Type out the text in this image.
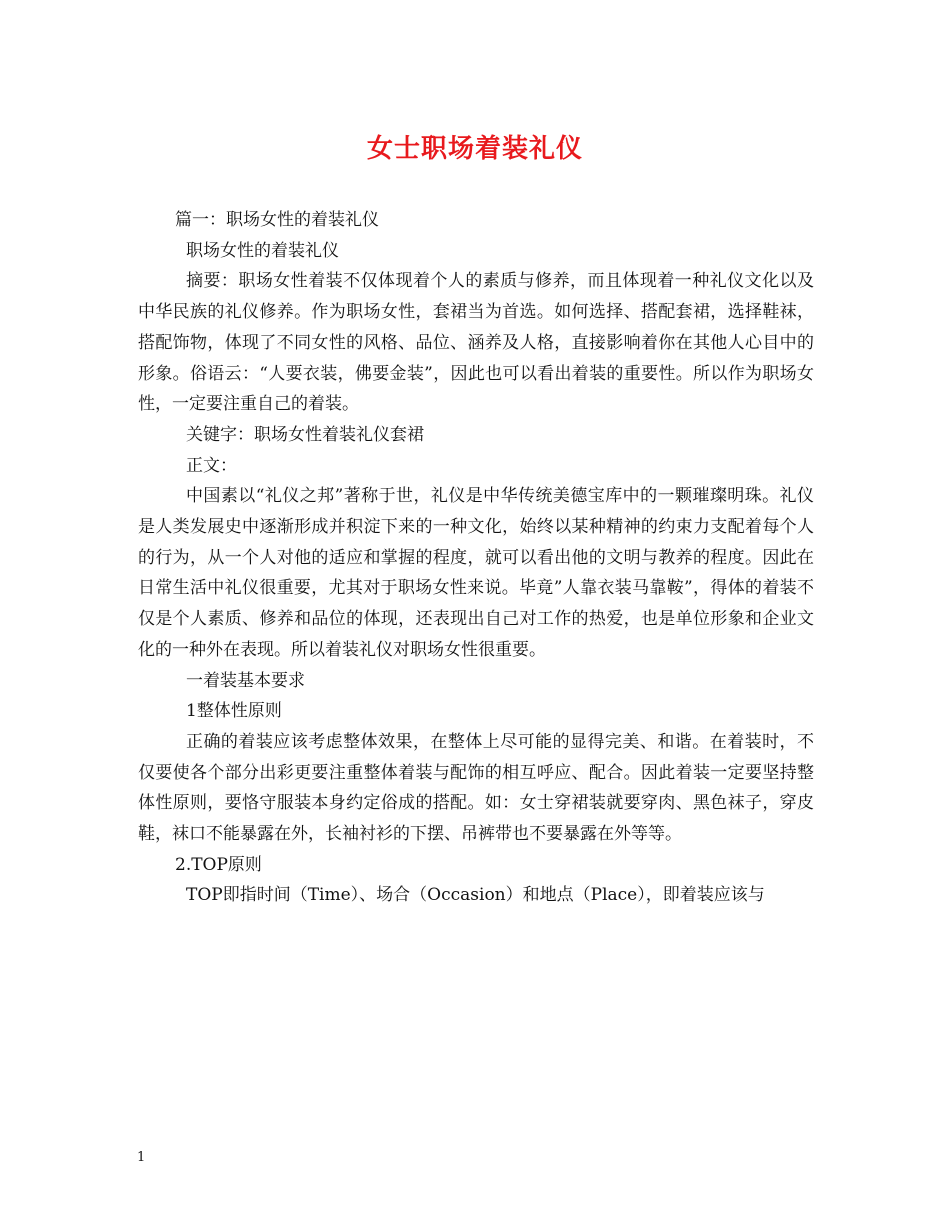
女士职场着装礼仪

篇一：职场女性的着装礼仪

职场女性的着装礼仪

摘要：职场女性着装不仅体现着个人的素质与修养，而且体现着一种礼仪文化以及中华民族的礼仪修养。作为职场女性，套裙当为首选。如何选择、搭配套裙，选择鞋袜，搭配饰物，体现了不同女性的风格、品位、涵养及人格，直接影响着你在其他人心目中的形象。俗语云：“人要衣装，佛要金装”，因此也可以看出着装的重要性。所以作为职场女性，一定要注重自己的着装。

关键字：职场女性着装礼仪套裙

正文：

中国素以“礼仪之邦”著称于世，礼仪是中华传统美德宝库中的一颗璀璨明珠。礼仪是人类发展史中逐渐形成并积淀下来的一种文化，始终以某种精神的约束力支配着每个人的行为，从一个人对他的适应和掌握的程度，就可以看出他的文明与教养的程度。因此在日常生活中礼仪很重要，尤其对于职场女性来说。毕竟”人靠衣装马靠鞍”，得体的着装不仅是个人素质、修养和品位的体现，还表现出自己对工作的热爱，也是单位形象和企业文化的一种外在表现。所以着装礼仪对职场女性很重要。

一着装基本要求

1整体性原则

正确的着装应该考虑整体效果，在整体上尽可能的显得完美、和谐。在着装时，不仅要使各个部分出彩更要注重整体着装与配饰的相互呼应、配合。因此着装一定要坚持整体性原则，要恪守服装本身约定俗成的搭配。如：女士穿裙装就要穿肉、黑色袜子，穿皮鞋，袜口不能暴露在外，长袖衬衫的下摆、吊裤带也不要暴露在外等等。

2.TOP原则

TOP即指时间（Time）、场合（Occasion）和地点（Place），即着装应该与

1
